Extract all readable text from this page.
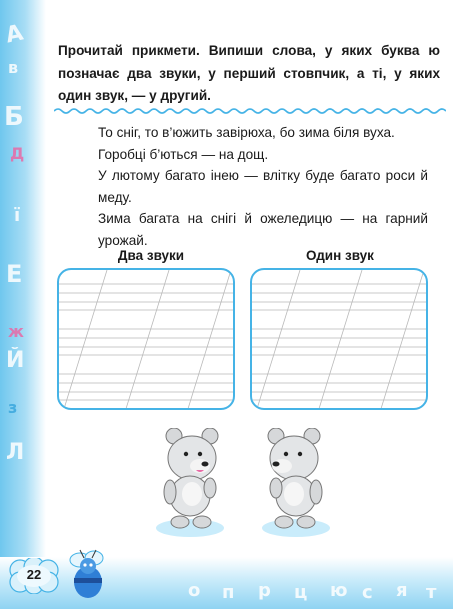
А
в
Б
Д
ї
Е
ж
Й
з
Л
о п р ц ю с я т
Прочитай прикмети. Випиши слова, у яких буква ю позначає два звуки, у перший стовпчик, а ті, у яких один звук, — у другий.

То сніг, то в’южить завірюха, бо зима біля вуха.

Горобці б’ються — на дощ.

У лютому багато інею — влітку буде багато роси й меду.

Зима багата на снігі й ожеледицю — на гарний урожай.

Два звуки	Один звук
22
